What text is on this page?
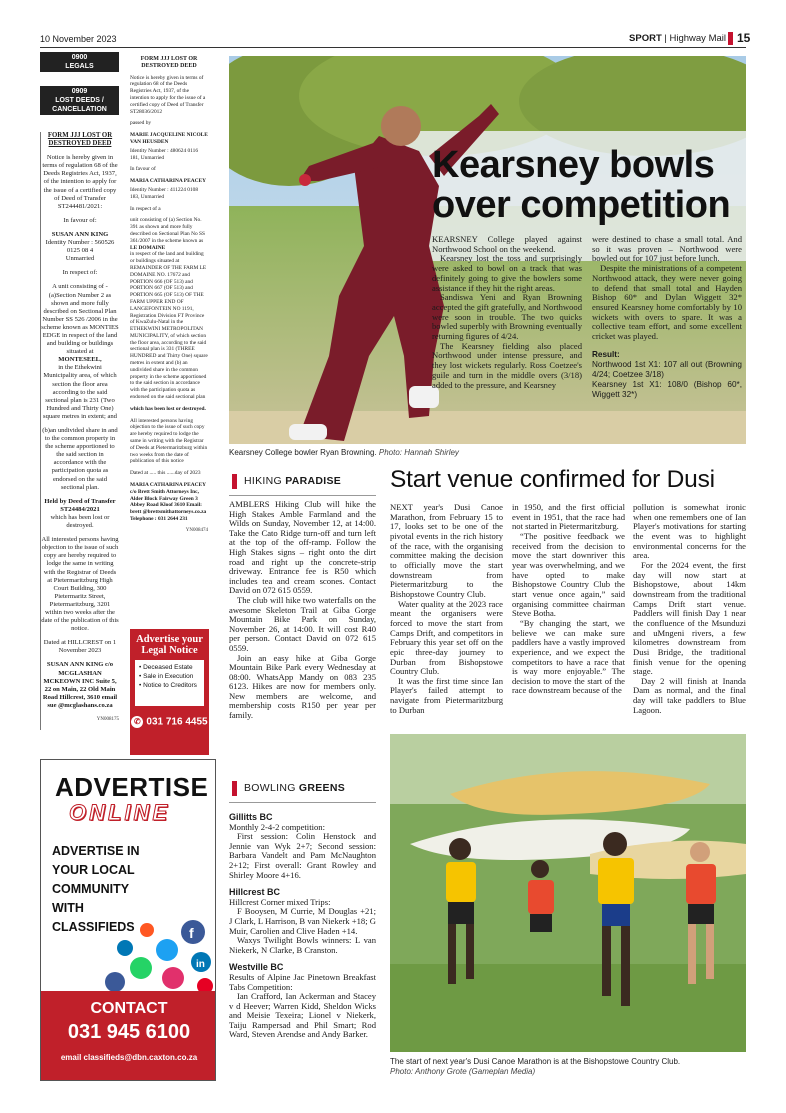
10 November 2023	SPORT | Highway Mail 15
0900
LEGALS
0909
LOST DEEDS / CANCELLATION

FORM JJJ LOST OR DESTROYED DEED

Notice is hereby given in terms of regulation 68 of the Deeds Registries Act, 1937, of the intention to apply for the issue of a certified copy of Deed of Transfer ST244481/2021:

In favour of:

SUSAN ANN KING

Identity Number : 560526 0125 08 4

Unmarried

In respect of:

A unit consisting of - (a)Section Number 2 as shown and more fully described on Sectional Plan Number SS 526 /2006 in the scheme known as MONTIES EDGE in respect of the land and building or buildings situated at

MONTESEEL,

in the Ethekwini Municipality area, of which section the floor area according to the said sectional plan is 231 (Two Hundred and Thirty One) square metres in extent; and

(b)an undivided share in and to the common property in the scheme apportioned to the said section in accordance with the participation quota as endorsed on the said sectional plan.

Held by Deed of Transfer ST24484/2021

which has been lost or destroyed.

All interested persons having objection to the issue of such copy are hereby required to lodge the same in writing with the Registrar of Deeds at Pietermaritzburg High Court Building, 300 Pietermaritz Street, Pietermaritzburg, 3201 within two weeks after the date of the publication of this notice.

Dated at HILLCREST on 1 November 2023

SUSAN ANN KING c/o MCGLASHAN MCKEOWN INC Suite 5, 22 on Main, 22 Old Main Road Hillcrest, 3610 email sue @mcglashans.co.za

YN008175

FORM JJJ LOST OR DESTROYED DEED

Notice is hereby given in terms of regulation 68 of the Deeds Registries Act, 1937, of the intention to apply for the issue of a certified copy of Deed of Transfer ST28036/2012

passed by

MARIE JACQUELINE NICOLE VAN HEUSDEN

Identity Number : 480624 0116 181, Unmarried

In favour of

MARIA CATHARINA PEACEY

Identity Number : 411224 0108 183, Unmarried

In respect of a

unit consisting of (a) Section No. 391 as shown and more fully described on Sectional Plan No SS 361/2007 in the scheme known as

LE DOMAINE

in respect of the land and building or buildings situated at REMAINDER OF THE FARM LE DOMAINE NO. 17672 and PORTION 666 (OF 513) and PORTION 667 (OF 513) and PORTION 665 (OF 513) OF THE FARM UPPER END OF LANGEFONTEIN NO 1191, Registration Division FT Province of KwaZulu-Natal in the ETHEKWINI METROPOLITAN MUNICIPALITY, of which section the floor area, according to the said sectional plan is 331 (THREE HUNDRED and Thirty One) square metres in extent and (b) an undivided share in the common property in the scheme apportioned to the said section in accordance with the participation quota as endorsed on the said sectional plan

which has been lost or destroyed.

All interested persons having objection to the issue of such copy are hereby required to lodge the same in writing with the Registrar of Deeds at Pietermaritzburg within two weeks from the date of publication of this notice

Dated at ..... this ......day of 2023

MARIA CATHARINA PEACEY c/o Brett Smith Attorneys Inc, Alder Block Fairway Green 3 Abbey Road Kloof 3610 Email: brett @brettsmithattorneys.co.za Telephone : 031 2644 231

YN008474

Advertise your Legal Notice
• Deceased Estate
• Sale in Execution
• Notice to Creditors
✆ 031 716 4455
ADVERTISE
ONLINE
ADVERTISE IN
YOUR LOCAL
COMMUNITY
WITH
CLASSIFIEDS	f
in
CONTACT
031 945 6100
email classifieds@dbn.caxton.co.za
Kearsney bowls
over competition

KEARSNEY College played against Northwood School on the weekend.

Kearsney lost the toss and surprisingly were asked to bowl on a track that was definitely going to give the bowlers some assistance if they hit the right areas.

Sandiswa Yeni and Ryan Browning accepted the gift gratefully, and Northwood were soon in trouble. The two quicks bowled superbly with Browning eventually returning figures of 4/24.

The Kearsney fielding also placed Northwood under intense pressure, and they lost wickets regularly. Ross Coetzee's guile and turn in the middle overs (3/18) added to the pressure, and Kearsney

were destined to chase a small total. And so it was proven – Northwood were bowled out for 107 just before lunch.

Despite the ministrations of a competent Northwood attack, they were never going to defend that small total and Hayden Bishop 60* and Dylan Wiggett 32* ensured Kearsney home comfortably by 10 wickets with overs to spare. It was a collective team effort, and some excellent cricket was played.

Result:
Northwood 1st X1: 107 all out (Browning 4/24; Coetzee 3/18)
Kearsney 1st X1: 108/0 (Bishop 60*, Wiggett 32*)
Kearsney College bowler Ryan Browning. Photo: Hannah Shirley
HIKING PARADISE

AMBLERS Hiking Club will hike the High Stakes Amble Farmland and the Wilds on Sunday, November 12, at 14:00. Take the Cato Ridge turn-off and turn left at the top of the off-ramp. Follow the High Stakes signs – right onto the dirt road and right up the concrete-strip driveway. Entrance fee is R50 which includes tea and cream scones. Contact David on 072 615 0559.

The club will hike two waterfalls on the awesome Skeleton Trail at Giba Gorge Mountain Bike Park on Sunday, November 26, at 14:00. It will cost R40 per person. Contact David on 072 615 0559.

Join an easy hike at Giba Gorge Mountain Bike Park every Wednesday at 08:00. WhatsApp Mandy on 083 235 6123. Hikes are now for members only. New members are welcome, and membership costs R150 per year per family.

BOWLING GREENS
Gillitts BC

Monthly 2-4-2 competition:

First session: Colin Henstock and Jennie van Wyk 2+7; Second session: Barbara Vandelt and Pam McNaughton 2+12; First overall: Grant Rowley and Shirley Moore 4+16.

Hillcrest BC

Hillcrest Corner mixed Trips:

F Booysen, M Currie, M Douglas +21; J Clark, L Harrison, B van Niekerk +18; G Muir, Carolien and Clive Haden +14.

Waxys Twilight Bowls winners: L van Niekerk, N Clarke, B Cranston.

Westville BC

Results of Alpine Jac Pinetown Breakfast Tabs Competition:

Ian Crafford, Ian Ackerman and Stacey v d Heever; Warren Kidd, Sheldon Wicks and Meisie Texeira; Lionel v Niekerk, Taiju Rampersad and Phil Smart; Rod Ward, Steven Arendse and Andy Barker.

Start venue confirmed for Dusi

NEXT year's Dusi Canoe Marathon, from February 15 to 17, looks set to be one of the pivotal events in the rich history of the race, with the organising committee making the decision to officially move the start downstream from Pietermaritzburg to the Bishopstowe Country Club.

Water quality at the 2023 race meant the organisers were forced to move the start from Camps Drift, and competitors in February this year set off on the epic three-day journey to Durban from Bishopstowe Country Club.

It was the first time since Ian Player's failed attempt to navigate from Pietermaritzburg to Durban

in 1950, and the first official event in 1951, that the race had not started in Pietermaritzburg.

“The positive feedback we received from the decision to move the start downriver this year was overwhelming, and we have opted to make Bishopstowe Country Club the start venue once again,” said organising committee chairman Steve Botha.

“By changing the start, we believe we can make sure paddlers have a vastly improved experience, and we expect the competitors to have a race that is way more enjoyable.” The decision to move the start of the race downstream because of the

pollution is somewhat ironic when one remembers one of Ian Player's motivations for starting the event was to highlight environmental concerns for the area.

For the 2024 event, the first day will now start at Bishopstowe, about 14km downstream from the traditional Camps Drift start venue. Paddlers will finish Day 1 near the confluence of the Msunduzi and uMngeni rivers, a few kilometres downstream from Dusi Bridge, the traditional finish venue for the opening stage.

Day 2 will finish at Inanda Dam as normal, and the final day will take paddlers to Blue Lagoon.

The start of next year's Dusi Canoe Marathon is at the Bishopstowe Country Club.
Photo: Anthony Grote (Gameplan Media)
